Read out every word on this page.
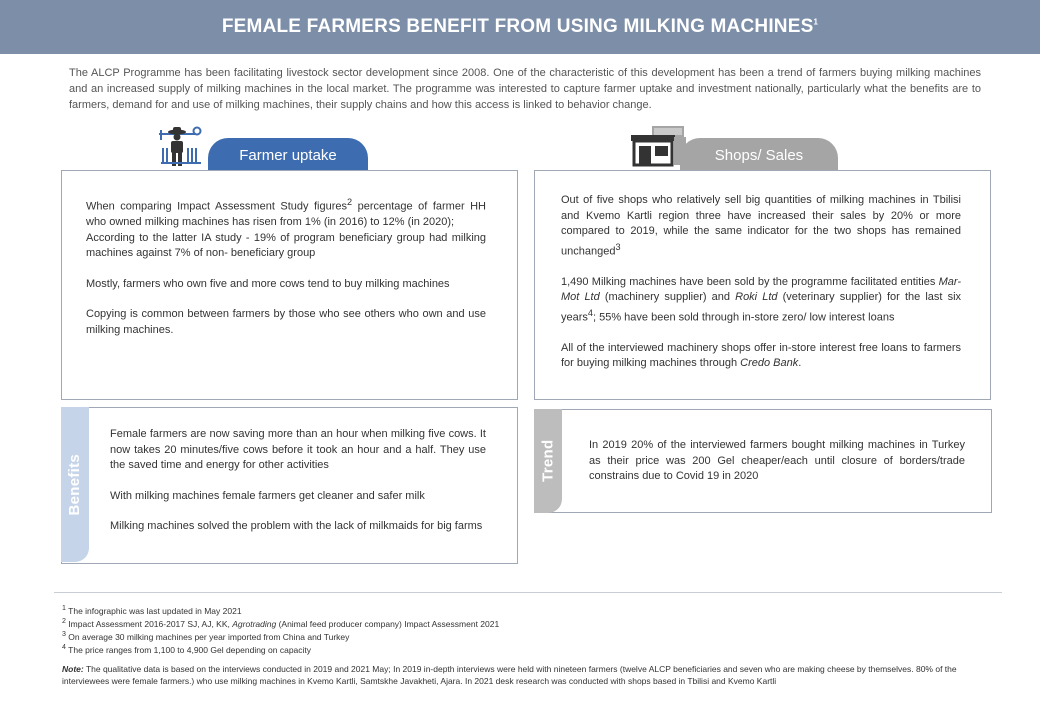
FEMALE FARMERS BENEFIT FROM USING MILKING MACHINES$^1$
The ALCP Programme has been facilitating livestock sector development since 2008. One of the characteristic of this development has been a trend of farmers buying milking machines and an increased supply of milking machines in the local market. The programme was interested to capture farmer uptake and investment nationally, particularly what the benefits are to farmers, demand for and use of milking machines, their supply chains and how this access is linked to behavior change.
Farmer uptake	Shops/ Sales

When comparing Impact Assessment Study figures$^2$ percentage of farmer HH who owned milking machines has risen from 1% (in 2016) to 12% (in 2020);
According to the latter IA study - 19% of program beneficiary group had milking machines against 7% of non- beneficiary group

Mostly, farmers who own five and more cows tend to buy milking machines

Copying is common between farmers by those who see others who own and use milking machines.

Out of five shops who relatively sell big quantities of milking machines in Tbilisi and Kvemo Kartli region three have increased their sales by 20% or more compared to 2019, while the same indicator for the two shops has remained unchanged$^3$

1,490 Milking machines have been sold by the programme facilitated entities Mar-Mot Ltd (machinery supplier) and Roki Ltd (veterinary supplier) for the last six years$^4$; 55% have been sold through in-store zero/ low interest loans

All of the interviewed machinery shops offer in-store interest free loans to farmers for buying milking machines through Credo Bank.

Benefits

Female farmers are now saving more than an hour when milking five cows. It now takes 20 minutes/five cows before it took an hour and a half. They use the saved time and energy for other activities

With milking machines female farmers get cleaner and safer milk

Milking machines solved the problem with the lack of milkmaids for big farms

Trend	In 2019 20% of the interviewed farmers bought milking machines in Turkey as their price was 200 Gel cheaper/each until closure of borders/trade constrains due to Covid 19 in 2020

$^1$ The infographic was last updated in May 2021
$^2$ Impact Assessment 2016-2017 SJ, AJ, KK, Agrotrading (Animal feed producer company) Impact Assessment 2021
$^3$ On average 30 milking machines per year imported from China and Turkey
$^4$ The price ranges from 1,100 to 4,900 Gel depending on capacity
Note: The qualitative data is based on the interviews conducted in 2019 and 2021 May; In 2019 in-depth interviews were held with nineteen farmers (twelve ALCP beneficiaries and seven who are making cheese by themselves. 80% of the interviewees were female farmers.) who use milking machines in Kvemo Kartli, Samtskhe Javakheti, Ajara. In 2021 desk research was conducted with shops based in Tbilisi and Kvemo Kartli
